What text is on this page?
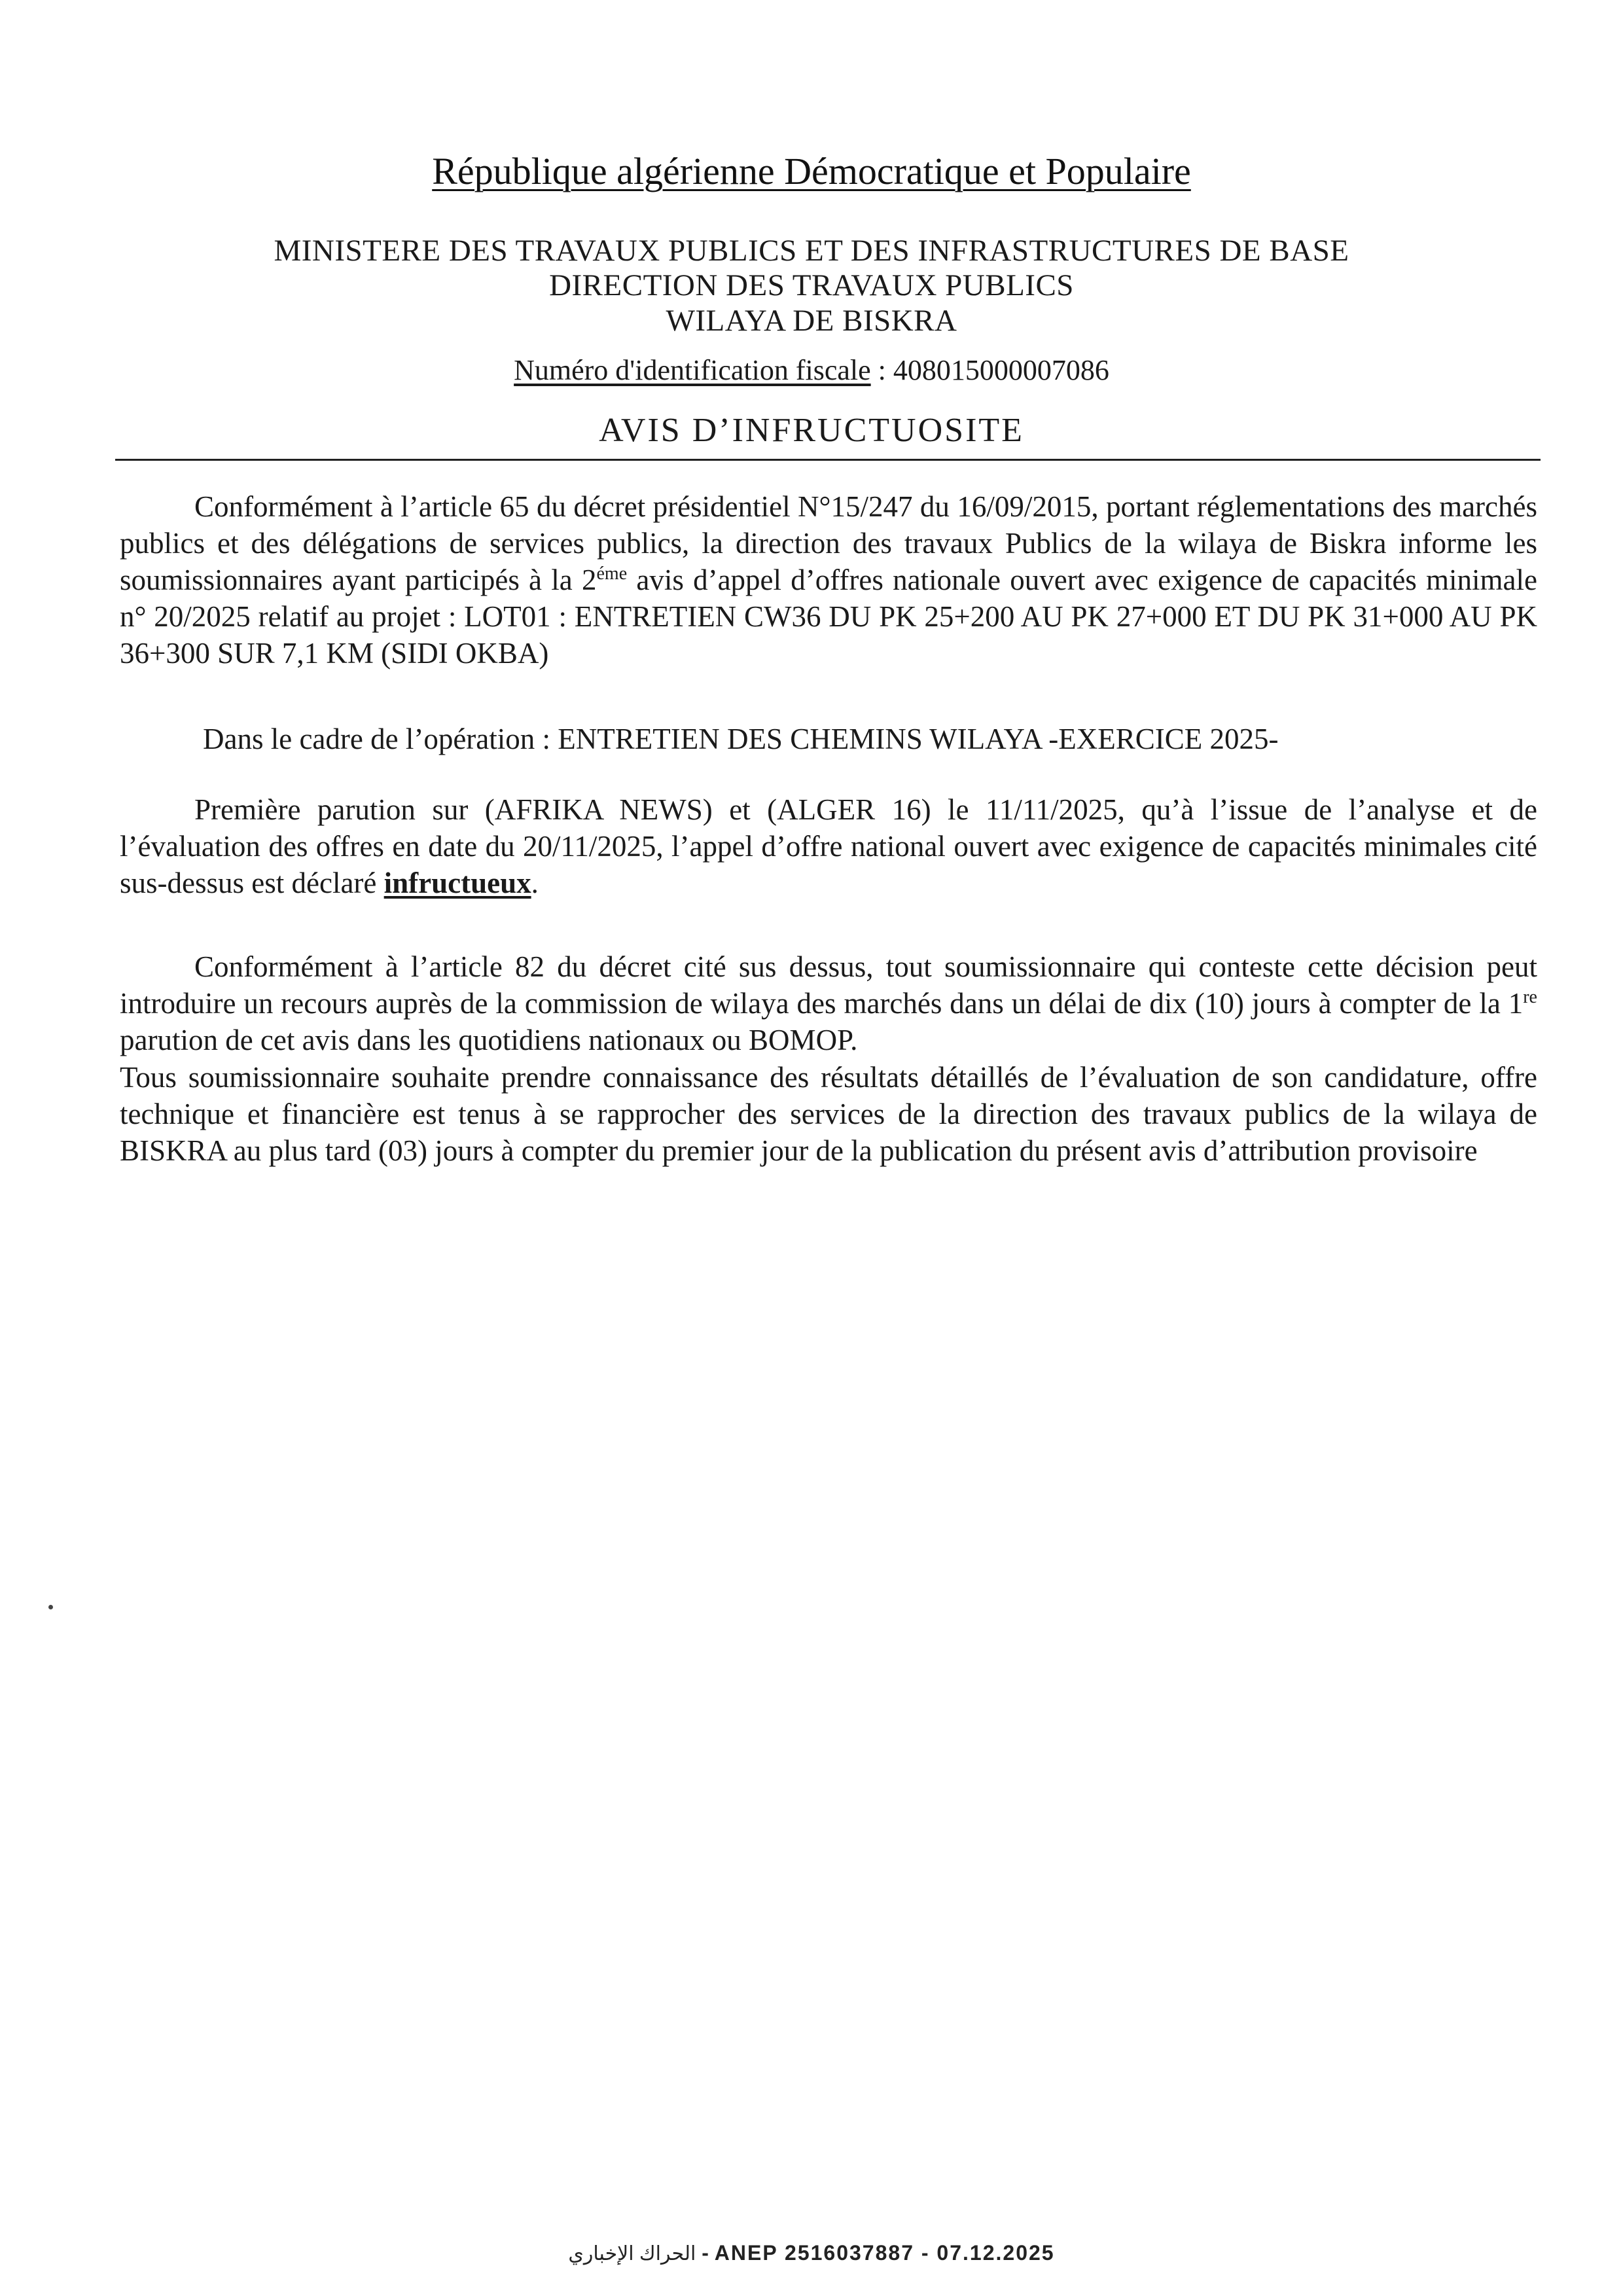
République algérienne Démocratique et Populaire
MINISTERE DES TRAVAUX PUBLICS ET DES INFRASTRUCTURES DE BASE
DIRECTION DES TRAVAUX PUBLICS
WILAYA DE BISKRA
Numéro d'identification fiscale : 408015000007086
AVIS D’INFRUCTUOSITE
Conformément à l’article 65 du décret présidentiel N°15/247 du 16/09/2015, portant réglementations des marchés publics et des délégations de services publics, la direction des travaux Publics de la wilaya de Biskra informe les soumissionnaires ayant participés à la $2^{éme}$ avis d’appel d’offres nationale ouvert avec exigence de capacités minimale n° 20/2025 relatif au projet : LOT01 : ENTRETIEN CW36 DU PK 25+200 AU PK 27+000 ET DU PK 31+000 AU PK 36+300 SUR 7,1 KM (SIDI OKBA)
Dans le cadre de l’opération : ENTRETIEN DES CHEMINS WILAYA -EXERCICE 2025-
Première parution sur (AFRIKA NEWS) et (ALGER 16) le 11/11/2025, qu’à l’issue de l’analyse et de l’évaluation des offres en date du 20/11/2025, l’appel d’offre national ouvert avec exigence de capacités minimales cité sus-dessus est déclaré infructueux.
Conformément à l’article 82 du décret cité sus dessus, tout soumissionnaire qui conteste cette décision peut introduire un recours auprès de la commission de wilaya des marchés dans un délai de dix (10) jours à compter de la 1re parution de cet avis dans les quotidiens nationaux ou BOMOP.
Tous soumissionnaire souhaite prendre connaissance des résultats détaillés de l’évaluation de son candidature, offre technique et financière est tenus à se rapprocher des services de la direction des travaux publics de la wilaya de BISKRA au plus tard (03) jours à compter du premier jour de la publication du présent avis d’attribution provisoire
الحراك الإخباري - ANEP 2516037887 - 07.12.2025
